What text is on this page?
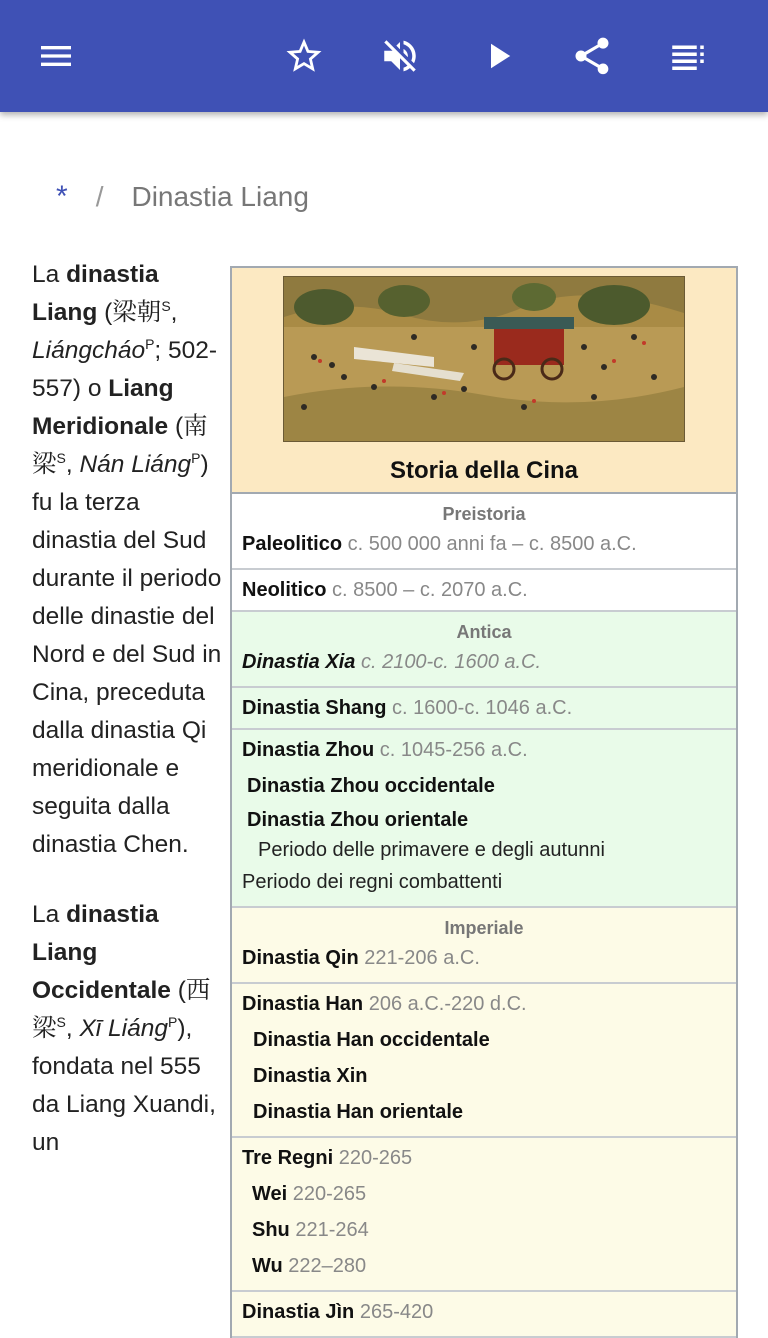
* / Dinastia Liang

La dinastia Liang (梁朝$^S$, Liángcháo$^P$; 502-557) o Liang Meridionale (南梁$^S$, Nán Liáng$^P$) fu la terza dinastia del Sud durante il periodo delle dinastie del Nord e del Sud in Cina, preceduta dalla dinastia Qi meridionale e seguita dalla dinastia Chen.

La dinastia Liang Occidentale (西梁$^S$, Xī Liáng$^P$), fondata nel 555 da Liang Xuandi, un

Storia della Cina
Preistoria
Paleolitico c. 500 000 anni fa – c. 8500 a.C.
Neolitico c. 8500 – c. 2070 a.C.
Antica
Dinastia Xia c. 2100-c. 1600 a.C.
Dinastia Shang c. 1600-c. 1046 a.C.
Dinastia Zhou c. 1045-256 a.C.
Dinastia Zhou occidentale
Dinastia Zhou orientale
Periodo delle primavere e degli autunni
Periodo dei regni combattenti
Imperiale
Dinastia Qin 221-206 a.C.
Dinastia Han 206 a.C.-220 d.C.
Dinastia Han occidentale
Dinastia Xin
Dinastia Han orientale
Tre Regni 220-265
Wei 220-265
Shu 221-264
Wu 222–280
Dinastia Jìn 265-420
